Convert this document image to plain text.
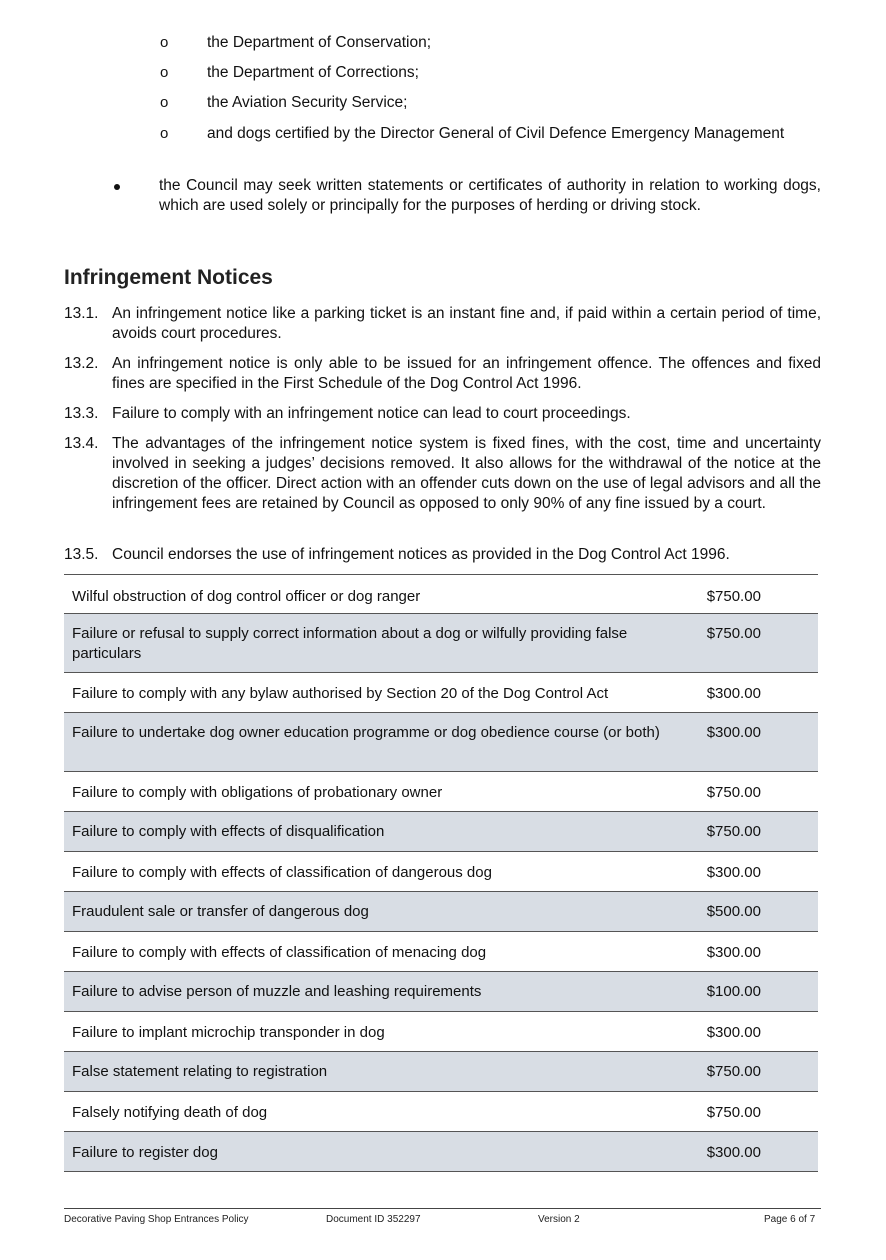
o the Department of Conservation;
o the Department of Corrections;
o the Aviation Security Service;
o and dogs certified by the Director General of Civil Defence Emergency Management
the Council may seek written statements or certificates of authority in relation to working dogs, which are used solely or principally for the purposes of herding or driving stock.
Infringement Notices
13.1. An infringement notice like a parking ticket is an instant fine and, if paid within a certain period of time, avoids court procedures.
13.2. An infringement notice is only able to be issued for an infringement offence. The offences and fixed fines are specified in the First Schedule of the Dog Control Act 1996.
13.3. Failure to comply with an infringement notice can lead to court proceedings.
13.4. The advantages of the infringement notice system is fixed fines, with the cost, time and uncertainty involved in seeking a judges’ decisions removed. It also allows for the withdrawal of the notice at the discretion of the officer. Direct action with an offender cuts down on the use of legal advisors and all the infringement fees are retained by Council as opposed to only 90% of any fine issued by a court.
13.5. Council endorses the use of infringement notices as provided in the Dog Control Act 1996.
Wilful obstruction of dog control officer or dog ranger	$750.00
Failure or refusal to supply correct information about a dog or wilfully providing false particulars	$750.00
Failure to comply with any bylaw authorised by Section 20 of the Dog Control Act	$300.00
Failure to undertake dog owner education programme or dog obedience course (or both)	$300.00
Failure to comply with obligations of probationary owner	$750.00
Failure to comply with effects of disqualification	$750.00
Failure to comply with effects of classification of dangerous dog	$300.00
Fraudulent sale or transfer of dangerous dog	$500.00
Failure to comply with effects of classification of menacing dog	$300.00
Failure to advise person of muzzle and leashing requirements	$100.00
Failure to implant microchip transponder in dog	$300.00
False statement relating to registration	$750.00
Falsely notifying death of dog	$750.00
Failure to register dog	$300.00
Decorative Paving Shop Entrances Policy	Document ID 352297	Version 2	Page 6 of 7
